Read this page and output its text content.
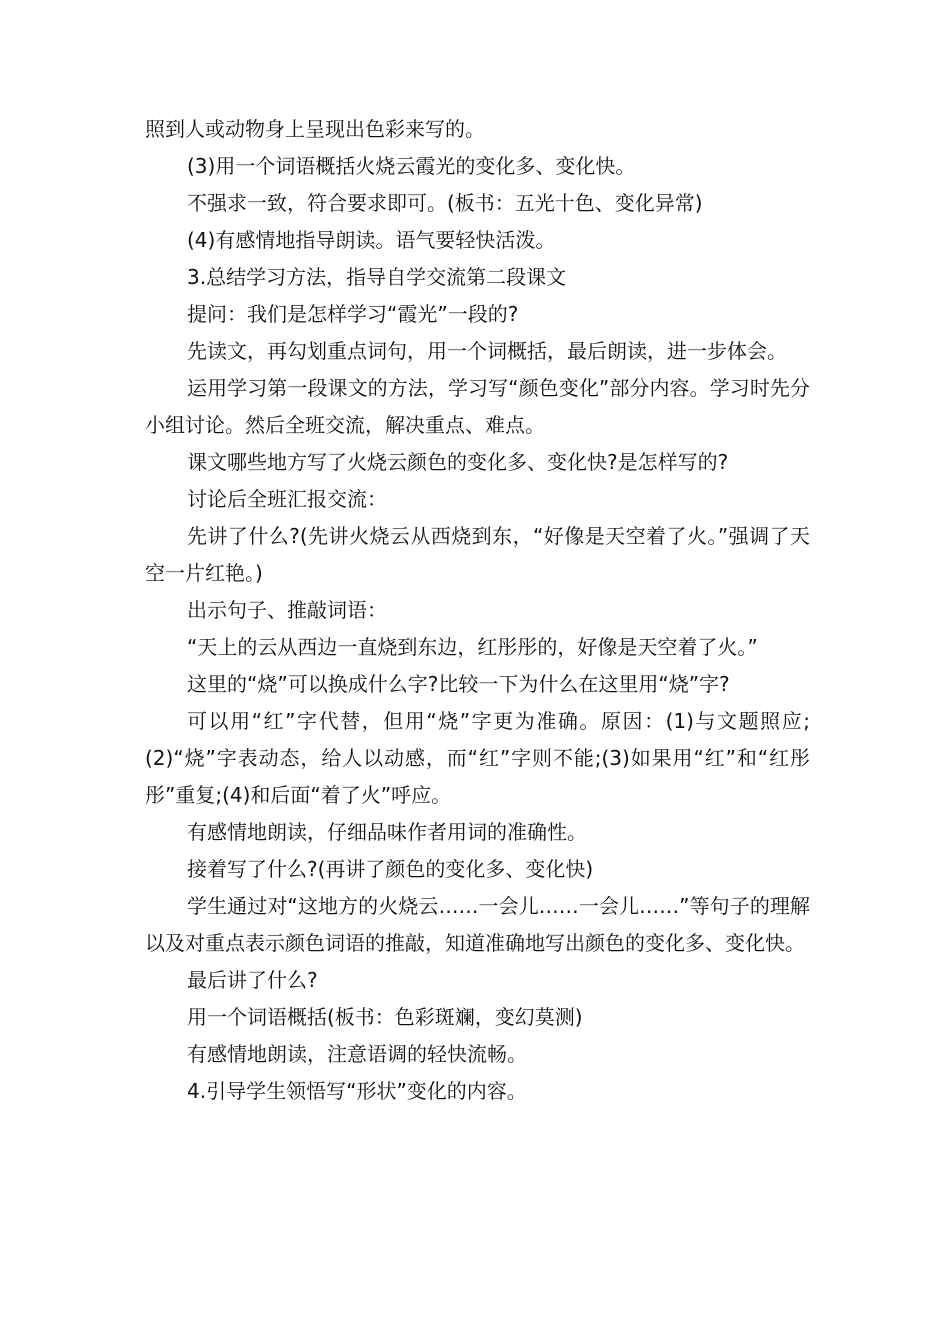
照到人或动物身上呈现出色彩来写的。

(3)用一个词语概括火烧云霞光的变化多、变化快。

不强求一致，符合要求即可。(板书：五光十色、变化异常)

(4)有感情地指导朗读。语气要轻快活泼。

3.总结学习方法，指导自学交流第二段课文

提问：我们是怎样学习“霞光”一段的?

先读文，再勾划重点词句，用一个词概括，最后朗读，进一步体会。

运用学习第一段课文的方法，学习写“颜色变化”部分内容。学习时先分小组讨论。然后全班交流，解决重点、难点。

课文哪些地方写了火烧云颜色的变化多、变化快?是怎样写的?

讨论后全班汇报交流：

先讲了什么?(先讲火烧云从西烧到东，“好像是天空着了火。”强调了天空一片红艳。)

出示句子、推敲词语：

“天上的云从西边一直烧到东边，红彤彤的，好像是天空着了火。”

这里的“烧”可以换成什么字?比较一下为什么在这里用“烧”字?

可以用“红”字代替，但用“烧”字更为准确。原因：(1)与文题照应;(2)“烧”字表动态，给人以动感，而“红”字则不能;(3)如果用“红”和“红彤彤”重复;(4)和后面“着了火”呼应。

有感情地朗读，仔细品味作者用词的准确性。

接着写了什么?(再讲了颜色的变化多、变化快)

学生通过对“这地方的火烧云……一会儿……一会儿……”等句子的理解以及对重点表示颜色词语的推敲，知道准确地写出颜色的变化多、变化快。

最后讲了什么?

用一个词语概括(板书：色彩斑斓，变幻莫测)

有感情地朗读，注意语调的轻快流畅。

4.引导学生领悟写“形状”变化的内容。
